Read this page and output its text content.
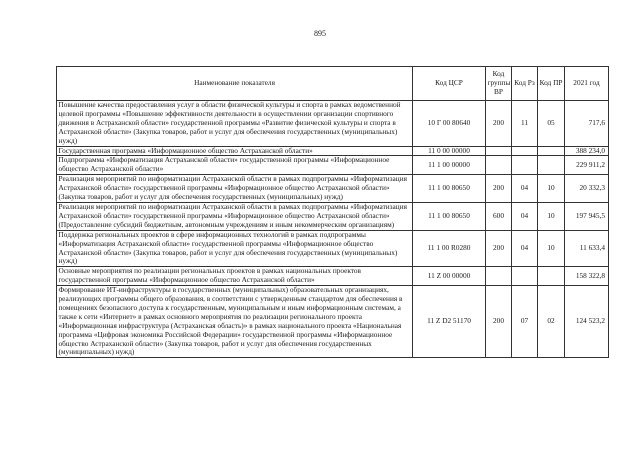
895
Наименование показателя	Код ЦСР	Код группы ВР	Код Рз	Код ПР	2021 год
Повышение качества предоставления услуг в области физической культуры и спорта в рамках ведомственной целевой программы «Повышение эффективности деятельности в осуществлении организации спортивного движения в Астраханской области» государственной программы «Развитие физической культуры и спорта в Астраханской области» (Закупка товаров, работ и услуг для обеспечения государственных (муниципальных) нужд)	10 Г 00 80640	200	11	05	717,6
Государственная программа «Информационное общество Астраханской области»	11 0 00 00000				388 234,0
Подпрограмма «Информатизация Астраханской области» государственной программы «Информационное общество Астраханской области»	11 1 00 00000				229 911,2
Реализация мероприятий по информатизации Астраханской области в рамках подпрограммы «Информатизация Астраханской области» государственной программы «Информационное общество Астраханской области» (Закупка товаров, работ и услуг для обеспечения государственных (муниципальных) нужд)	11 1 00 80650	200	04	10	20 332,3
Реализация мероприятий по информатизации Астраханской области в рамках подпрограммы «Информатизация Астраханской области» государственной программы «Информационное общество Астраханской области» (Предоставление субсидий бюджетным, автономным учреждениям и иным некоммерческим организациям)	11 1 00 80650	600	04	10	197 945,5
Поддержка региональных проектов в сфере информационных технологий в рамках подпрограммы «Информатизация Астраханской области» государственной программы «Информационное общество Астраханской области» (Закупка товаров, работ и услуг для обеспечения государственных (муниципальных) нужд)	11 1 00 R0280	200	04	10	11 633,4
Основные мероприятия по реализации региональных проектов в рамках национальных проектов государственной программы «Информационное общество Астраханской области»	11 Z 00 00000				158 322,8
Формирование ИТ-инфраструктуры в государственных (муниципальных) образовательных организациях, реализующих программы общего образования, в соответствии с утвержденным стандартом для обеспечения в помещениях безопасного доступа к государственным, муниципальным и иным информационным системам, а также к сети «Интернет» в рамках основного мероприятия по реализации регионального проекта «Информационная инфраструктура (Астраханская область)» в рамках национального проекта «Национальная программа «Цифровая экономика Российской Федерации» государственной программы «Информационное общество Астраханской области» (Закупка товаров, работ и услуг для обеспечения государственных (муниципальных) нужд)	11 Z D2 51170	200	07	02	124 523,2
